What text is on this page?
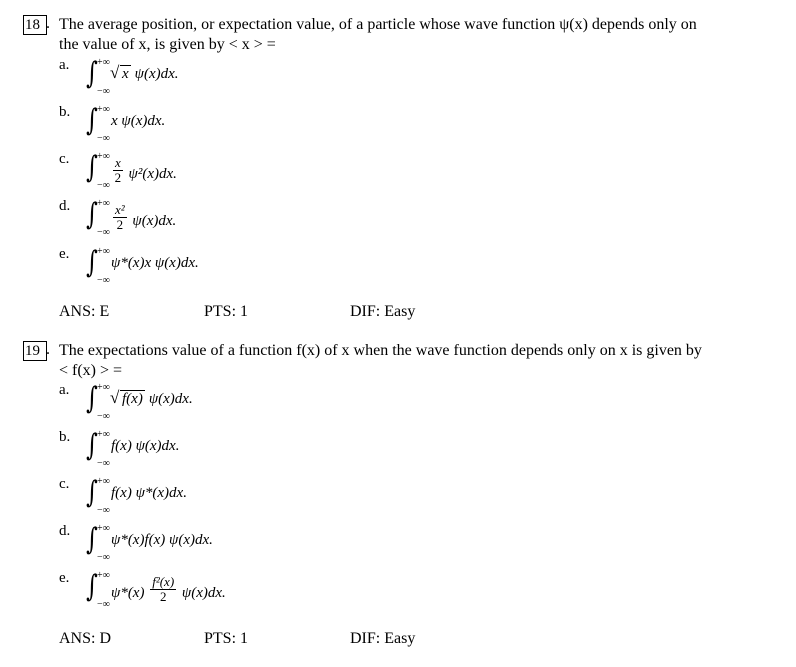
18 . The average position, or expectation value, of a particle whose wave function ψ(x) depends only on
the value of x, is given by < x > =
a. ∫ +∞
−∞
√ x ψ(x)dx.
b. ∫ +∞
−∞
x ψ(x)dx.
c. ∫ +∞
−∞
$\frac{x}{2} \psi^2(x)dx$.
d. ∫ +∞
−∞
$\frac{\text{x²}}{2} \psi(x)dx$.
e. ∫ +∞
−∞
ψ*(x)x ψ(x)dx.
ANS: E	PTS: 1	DIF: Easy
19 . The expectations value of a function f(x) of x when the wave function depends only on x is given by
< f(x) > =
a. ∫ +∞
−∞
√ f(x) ψ(x)dx.
b. ∫ +∞
−∞
f(x) ψ(x)dx.
c. ∫ +∞
−∞
f(x) ψ*(x)dx.
d. ∫ +∞
−∞
ψ*(x)f(x) ψ(x)dx.
e. ∫ +∞
−∞
$\psi*(x) \frac{\text{f²(x)}}{2} \psi(x)dx$.
ANS: D	PTS: 1	DIF: Easy
